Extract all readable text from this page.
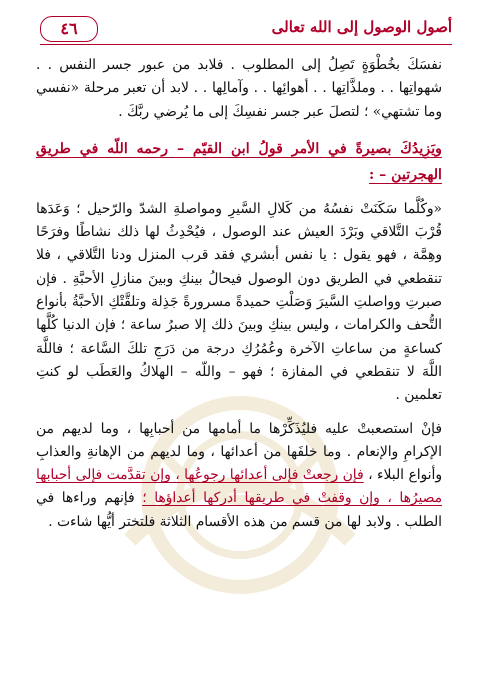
أصول الوصول إلى الله تعالى
٤٦

نفسَكَ بخُطْوَةٍ تَصِلُ إلى المطلوب . فلابد من عبور جسر النفس . . شهواتِها . . وملذَّاتِها . . أهوائِها . . وآمالِها . . لابد أن تعبر مرحلة «نفسي وما تشتهي» ؛ لتصلَ عبر جسر نفسِكَ إلى ما يُرضي ربَّكَ .

ويَزِيدُكَ بصيرةً في الأمر قولُ ابن القيّم – رحمه اللّه في طريق الهجرتين – :

«وكُلَّما سَكَنَتْ نفسُهُ من كَلالِ السَّيرِ ومواصلةِ الشدّ والرّحيل ؛ وَعَدَها قُرْبَ التَّلاقي وبَرْدَ العيش عند الوصول ، فيُحْدِثُ لها ذلك نشاطًا وفرَحًا وهِمَّة ، فهو يقول : يا نفس أبشري فقد قرب المنزل ودنا التَّلاقي ، فلا تنقطعي في الطريق دون الوصول فيحالُ بينكِ وبينَ منازلِ الأحبَّةِ . فإن صبرتِ وواصلتِ السَّيرَ وَصَلْتِ حميدةً مسرورةً جَذِلة وتلقَّتْكِ الأحبَّةُ بأنواع التُّحف والكرامات ، وليس بينكِ وبينَ ذلك إلا صبرُ ساعة ؛ فإن الدنيا كُلَّها كساعةٍ من ساعاتِ الآخرة وعُمُرُكِ درجة من دَرَجِ تلكَ السَّاعة ؛ فاللَّهَ اللَّهَ لا تنقطعي في المفازة ؛ فهو – واللّه – الهلاكُ والعَطَب لو كنتِ تعلمين .

فإنْ استصعبتْ عليه فليُذَكِّرْها ما أمامها من أحبابِها ، وما لديهم من الإكرامِ والإنعام . وما خلفَها من أعدائها ، وما لديهم من الإهانةِ والعذابِ وأنواع البلاء ، فإن رجعتْ فإلى أعدائها رجوعُها ، وإن تقدَّمت فإلى أحبابها مصيرُها ، وإن وقفتْ في طريقها أدركها أعداؤها ؛ فإنهم وراءها في الطلب . ولابد لها من قسم من هذه الأقسام الثلاثة فلتختر أيُّها شاءت .
